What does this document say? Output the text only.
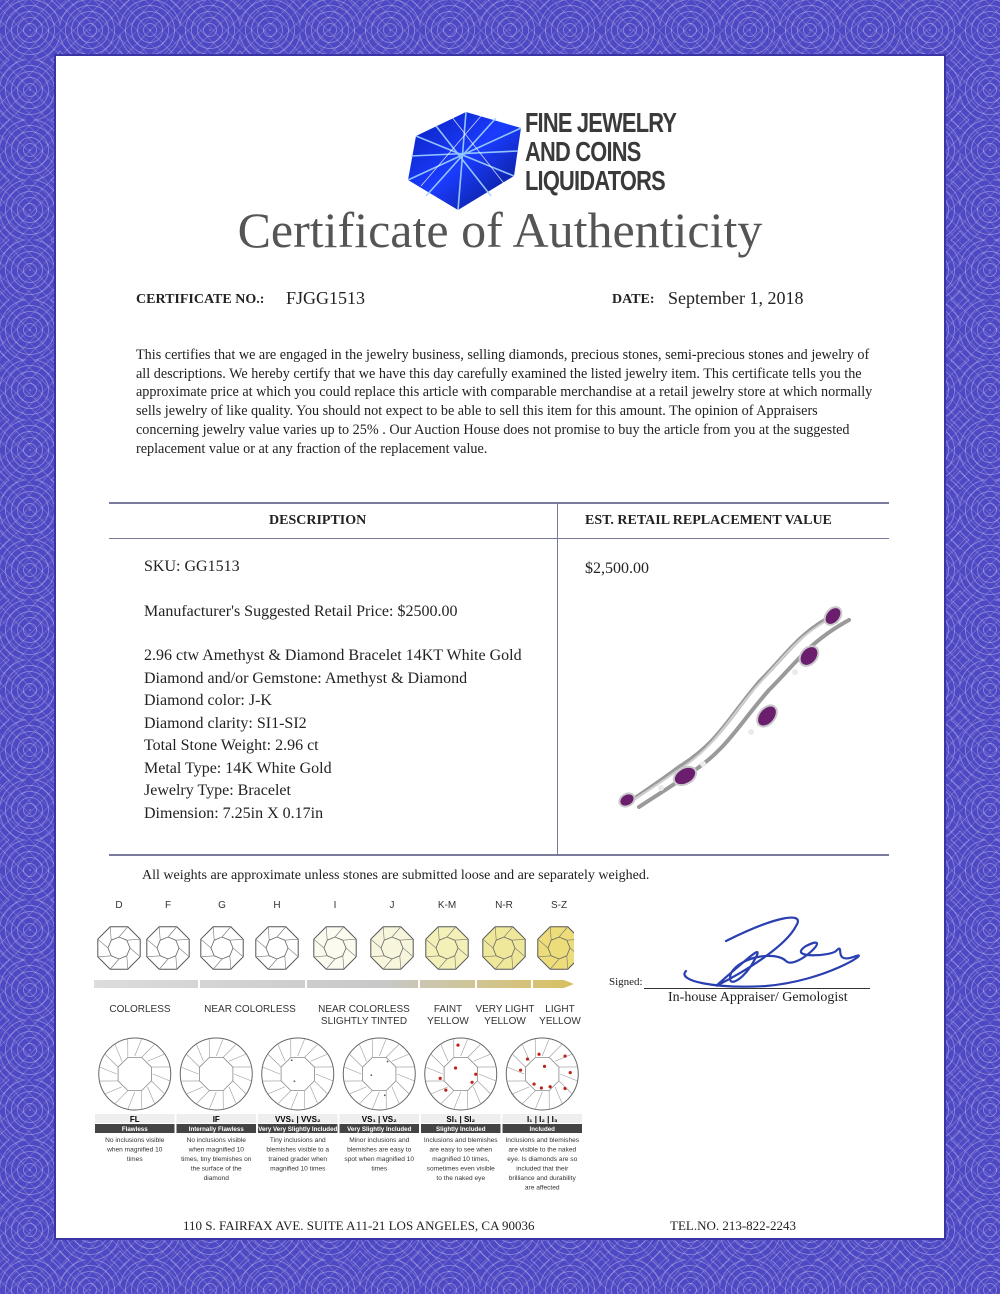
FINE JEWELRY
AND COINS
LIQUIDATORS
Certificate of Authenticity
CERTIFICATE NO.: FJGG1513	DATE: September 1, 2018
This certifies that we are engaged in the jewelry business, selling diamonds, precious stones, semi-precious stones and jewelry of all descriptions. We hereby certify that we have this day carefully examined the listed jewelry item. This certificate tells you the approximate price at which you could replace this article with comparable merchandise at a retail jewelry store at which normally sells jewelry of like quality. You should not expect to be able to sell this item for this amount. The opinion of Appraisers concerning jewelry value varies up to 25% . Our Auction House does not promise to buy the article from you at the suggested replacement value or at any fraction of the replacement value.
DESCRIPTION	EST. RETAIL REPLACEMENT VALUE
SKU: GG1513
Manufacturer's Suggested Retail Price: $2500.00
2.96 ctw Amethyst & Diamond Bracelet 14KT White Gold
Diamond and/or Gemstone: Amethyst & Diamond
Diamond color: J-K
Diamond clarity: SI1-SI2
Total Stone Weight: 2.96 ct
Metal Type: 14K White Gold
Jewelry Type: Bracelet
Dimension: 7.25in X 0.17in
$2,500.00
All weights are approximate unless stones are submitted loose and are separately weighed.
D	F	G	H	I	J	K-M	N-R	S-Z
COLORLESS	NEAR COLORLESS	NEAR COLORLESS
SLIGHTLY TINTED
FAINT
YELLOW
VERY LIGHT
YELLOW
LIGHT
YELLOW
FL
Flawless
No inclusions visible
when magnified 10
times
IF
Internally Flawless
No inclusions visible
when magnified 10
times, tiny blemishes on
the surface of the
diamond
VVS₁ | VVS₂
Very Very Slightly Included
Tiny inclusions and
blemishes visible to a
trained grader when
magnified 10 times
VS₁ | VS₂
Very Slightly Included
Minor inclusions and
blemishes are easy to
spot when magnified 10
times
SI₁ | SI₂
Slightly Included
Inclusions and blemishes
are easy to see when
magnified 10 times,
sometimes even visible
to the naked eye
I₁ | I₂ | I₃
Included
Inclusions and blemishes
are visible to the naked
eye. Is diamonds are so
included that their
brilliance and durability
are affected
Signed:
In-house Appraiser/ Gemologist
110 S. FAIRFAX AVE. SUITE A11-21 LOS ANGELES, CA 90036	TEL.NO. 213-822-2243
